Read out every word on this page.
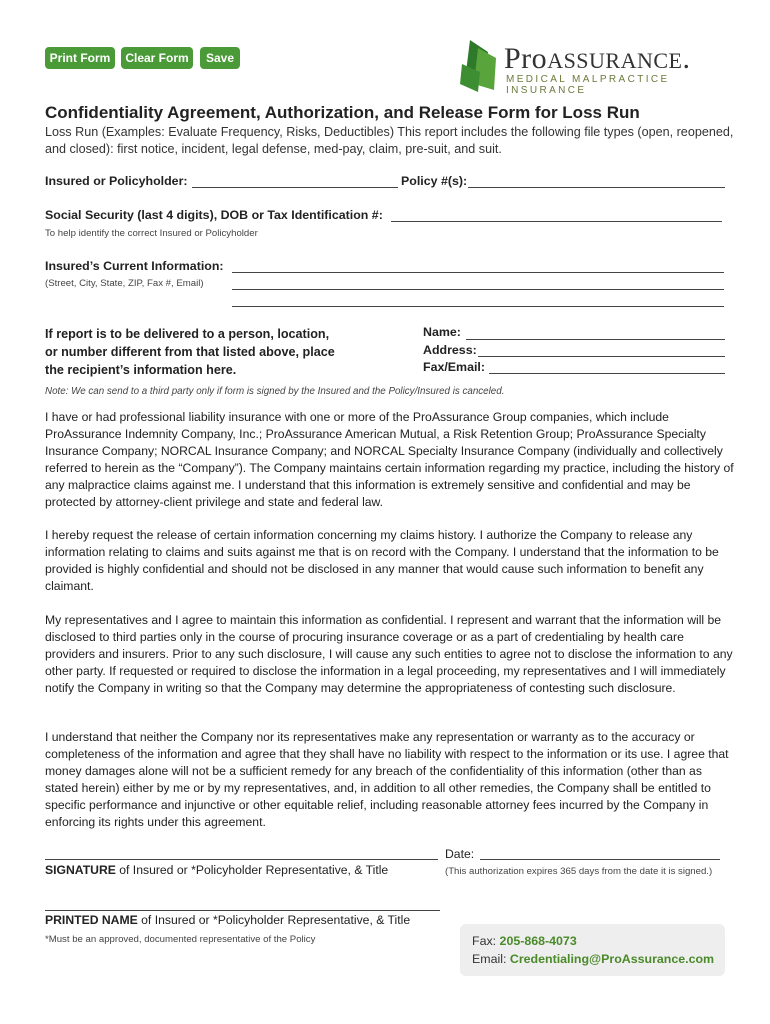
Print Form	Clear Form	Save	ProASSURANCE.
MEDICAL MALPRACTICE INSURANCE
Confidentiality Agreement, Authorization, and Release Form for Loss Run
Loss Run (Examples: Evaluate Frequency, Risks, Deductibles) This report includes the following file types (open, reopened, and closed): first notice, incident, legal defense, med-pay, claim, pre-suit, and suit.
Insured or Policyholder:	Policy #(s):
Social Security (last 4 digits), DOB or Tax Identification #:
To help identify the correct Insured or Policyholder
Insured’s Current Information:
(Street, City, State, ZIP, Fax #, Email)
If report is to be delivered to a person, location, or number different from that listed above, place the recipient’s information here.
Name:
Address:
Fax/Email:
Note: We can send to a third party only if form is signed by the Insured and the Policy/Insured is canceled.
I have or had professional liability insurance with one or more of the ProAssurance Group companies, which include ProAssurance Indemnity Company, Inc.; ProAssurance American Mutual, a Risk Retention Group; ProAssurance Specialty Insurance Company; NORCAL Insurance Company; and NORCAL Specialty Insurance Company (individually and collectively referred to herein as the “Company”). The Company maintains certain information regarding my practice, including the history of any malpractice claims against me. I understand that this information is extremely sensitive and confidential and may be protected by attorney-client privilege and state and federal law.
I hereby request the release of certain information concerning my claims history. I authorize the Company to release any information relating to claims and suits against me that is on record with the Company. I understand that the information to be provided is highly confidential and should not be disclosed in any manner that would cause such information to benefit any claimant.
My representatives and I agree to maintain this information as confidential. I represent and warrant that the information will be disclosed to third parties only in the course of procuring insurance coverage or as a part of credentialing by health care providers and insurers. Prior to any such disclosure, I will cause any such entities to agree not to disclose the information to any other party. If requested or required to disclose the information in a legal proceeding, my representatives and I will immediately notify the Company in writing so that the Company may determine the appropriateness of contesting such disclosure.
I understand that neither the Company nor its representatives make any representation or warranty as to the accuracy or completeness of the information and agree that they shall have no liability with respect to the information or its use. I agree that money damages alone will not be a sufficient remedy for any breach of the confidentiality of this information (other than as stated herein) either by me or by my representatives, and, in addition to all other remedies, the Company shall be entitled to specific performance and injunctive or other equitable relief, including reasonable attorney fees incurred by the Company in enforcing its rights under this agreement.
SIGNATURE of Insured or *Policyholder Representative, & Title
Date:
(This authorization expires 365 days from the date it is signed.)
PRINTED NAME of Insured or *Policyholder Representative, & Title
*Must be an approved, documented representative of the Policy	Fax: 205-868-4073
Email: Credentialing@ProAssurance.com
